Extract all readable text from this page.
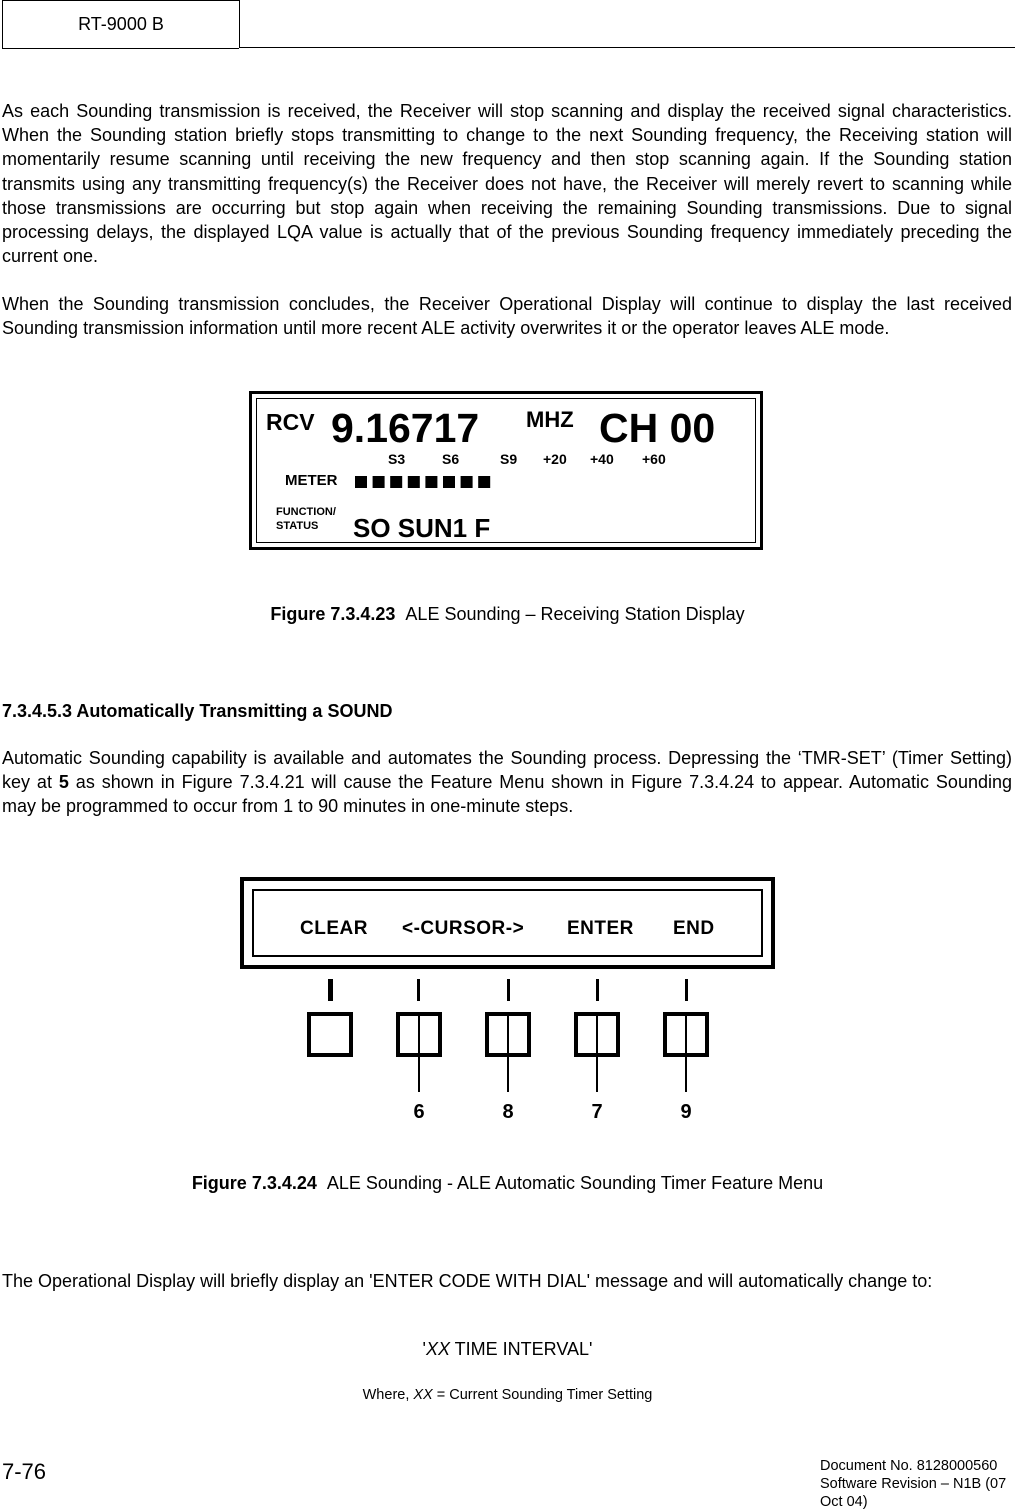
RT-9000 B

As each Sounding transmission is received, the Receiver will stop scanning and display the received signal characteristics. When the Sounding station briefly stops transmitting to change to the next Sounding frequency, the Receiving station will momentarily resume scanning until receiving the new frequency and then stop scanning again. If the Sounding station transmits using any transmitting frequency(s) the Receiver does not have, the Receiver will merely revert to scanning while those transmissions are occurring but stop again when receiving the remaining Sounding transmissions. Due to signal processing delays, the displayed LQA value is actually that of the previous Sounding frequency immediately preceding the current one.

When the Sounding transmission concludes, the Receiver Operational Display will continue to display the last received Sounding transmission information until more recent ALE activity overwrites it or the operator leaves ALE mode.

RCV 9.16717 MHZ CH 00
S3	S6	S9 +20 +40 +60
METER
FUNCTION/
STATUS SO SUN1 F

Figure 7.3.4.23 ALE Sounding – Receiving Station Display

7.3.4.5.3 Automatically Transmitting a SOUND

Automatic Sounding capability is available and automates the Sounding process. Depressing the ‘TMR-SET’ (Timer Setting) key at 5 as shown in Figure 7.3.4.21 will cause the Feature Menu shown in Figure 7.3.4.24 to appear. Automatic Sounding may be programmed to occur from 1 to 90 minutes in one-minute steps.

CLEAR <-CURSOR-> ENTER END
6	8	7	9

Figure 7.3.4.24 ALE Sounding - ALE Automatic Sounding Timer Feature Menu

The Operational Display will briefly display an 'ENTER CODE WITH DIAL' message and will automatically change to:

'XX TIME INTERVAL'

Where, XX = Current Sounding Timer Setting

7-76	Document No. 8128000560
Software Revision – N1B (07 Oct 04)
